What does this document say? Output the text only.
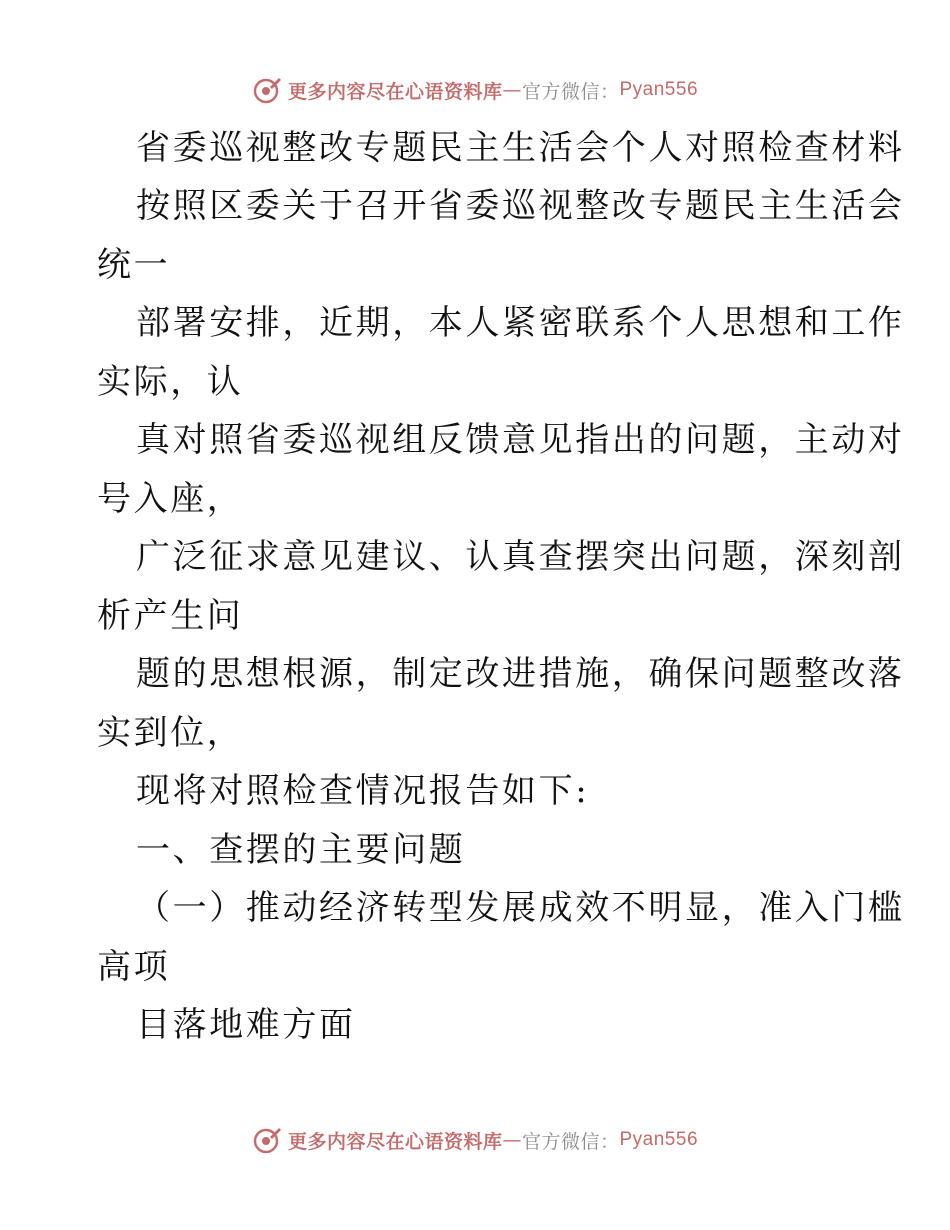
更多内容尽在心语资料库 — 官方微信： Pyan556
省委巡视整改专题民主生活会个人对照检查材料
按照区委关于召开省委巡视整改专题民主生活会
统一
部署安排，近期，本人紧密联系个人思想和工作
实际，认
真对照省委巡视组反馈意见指出的问题，主动对
号入座，
广泛征求意见建议、认真查摆突出问题，深刻剖
析产生问
题的思想根源，制定改进措施，确保问题整改落
实到位，
现将对照检查情况报告如下:
一、查摆的主要问题
（一）推动经济转型发展成效不明显，准入门槛
高项
目落地难方面
更多内容尽在心语资料库 — 官方微信： Pyan556
